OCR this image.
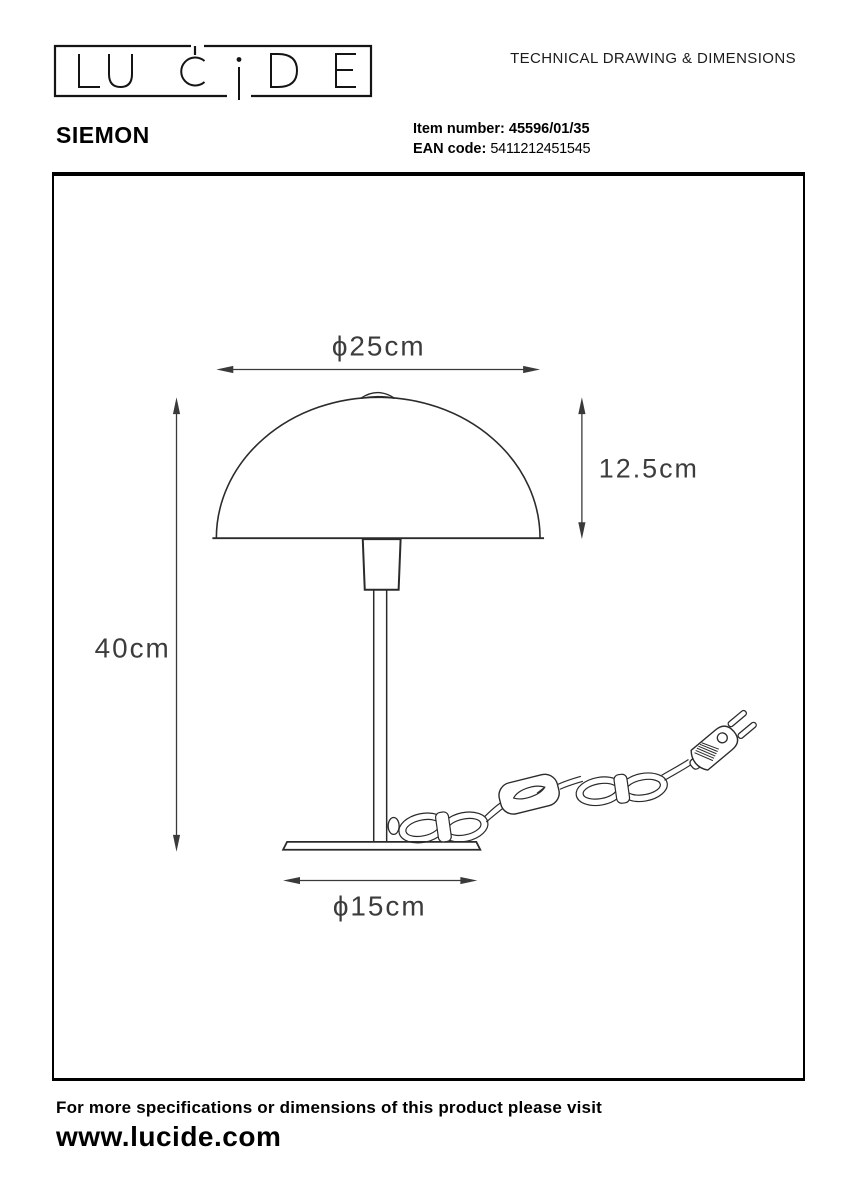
TECHNICAL DRAWING & DIMENSIONS
SIEMON	Item number: 45596/01/35
EAN code: 5411212451545
ϕ25cm
12.5cm
40cm
ϕ15cm
For more specifications or dimensions of this product please visit
www.lucide.com
